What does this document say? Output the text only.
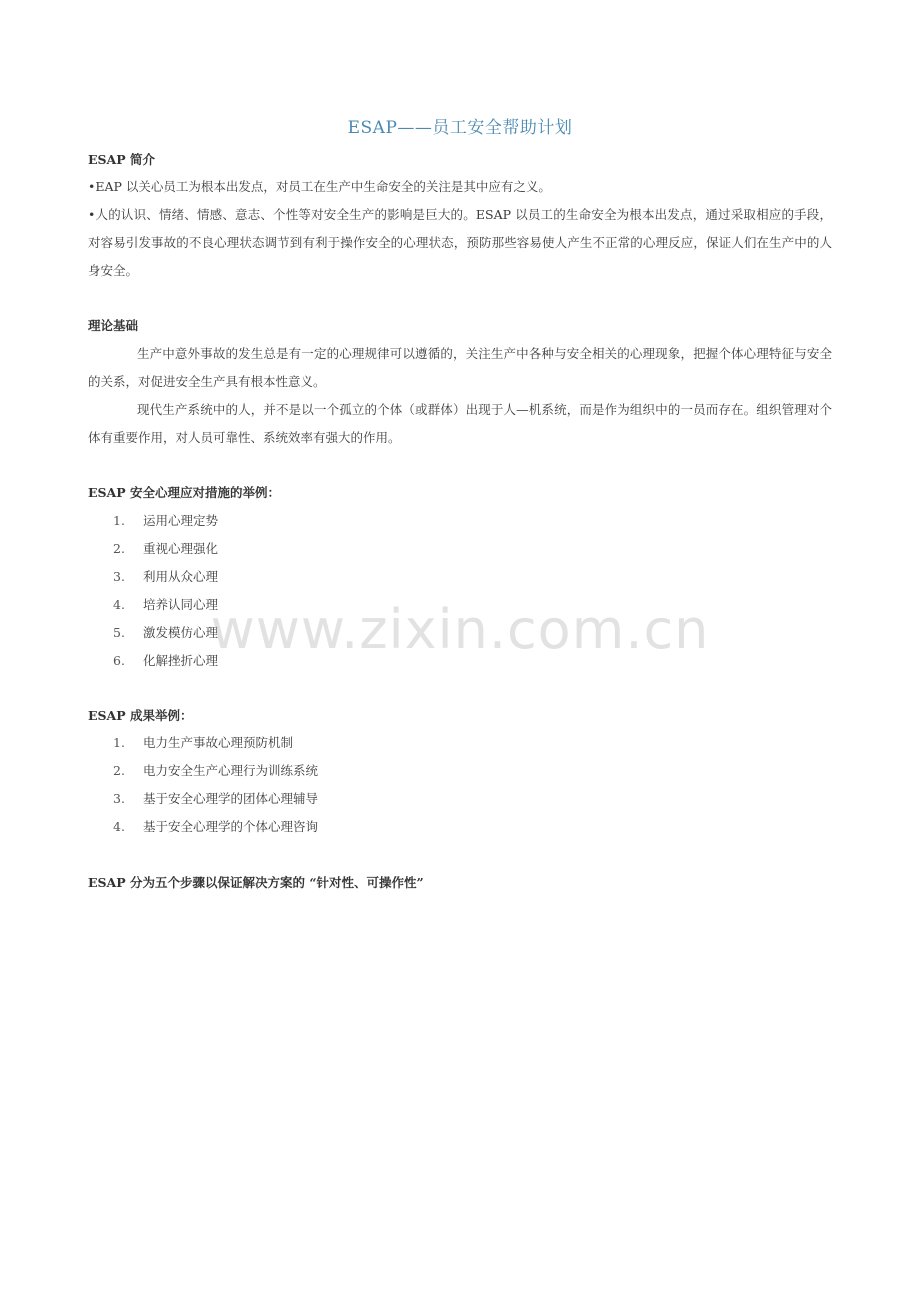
ESAP——员工安全帮助计划
ESAP 简介
•EAP 以关心员工为根本出发点，对员工在生产中生命安全的关注是其中应有之义。
•人的认识、情绪、情感、意志、个性等对安全生产的影响是巨大的。ESAP 以员工的生命安全为根本出发点，通过采取相应的手段，对容易引发事故的不良心理状态调节到有利于操作安全的心理状态，预防那些容易使人产生不正常的心理反应，保证人们在生产中的人身安全。
理论基础
生产中意外事故的发生总是有一定的心理规律可以遵循的，关注生产中各种与安全相关的心理现象，把握个体心理特征与安全的关系，对促进安全生产具有根本性意义。
现代生产系统中的人，并不是以一个孤立的个体（或群体）出现于人—机系统，而是作为组织中的一员而存在。组织管理对个体有重要作用，对人员可靠性、系统效率有强大的作用。
ESAP 安全心理应对措施的举例：
1. 运用心理定势
2. 重视心理强化
3. 利用从众心理
4. 培养认同心理
5. 激发模仿心理
6. 化解挫折心理
ESAP 成果举例：
1. 电力生产事故心理预防机制
2. 电力安全生产心理行为训练系统
3. 基于安全心理学的团体心理辅导
4. 基于安全心理学的个体心理咨询
ESAP 分为五个步骤以保证解决方案的 “针对性、可操作性”
www.zixin.com.cn
